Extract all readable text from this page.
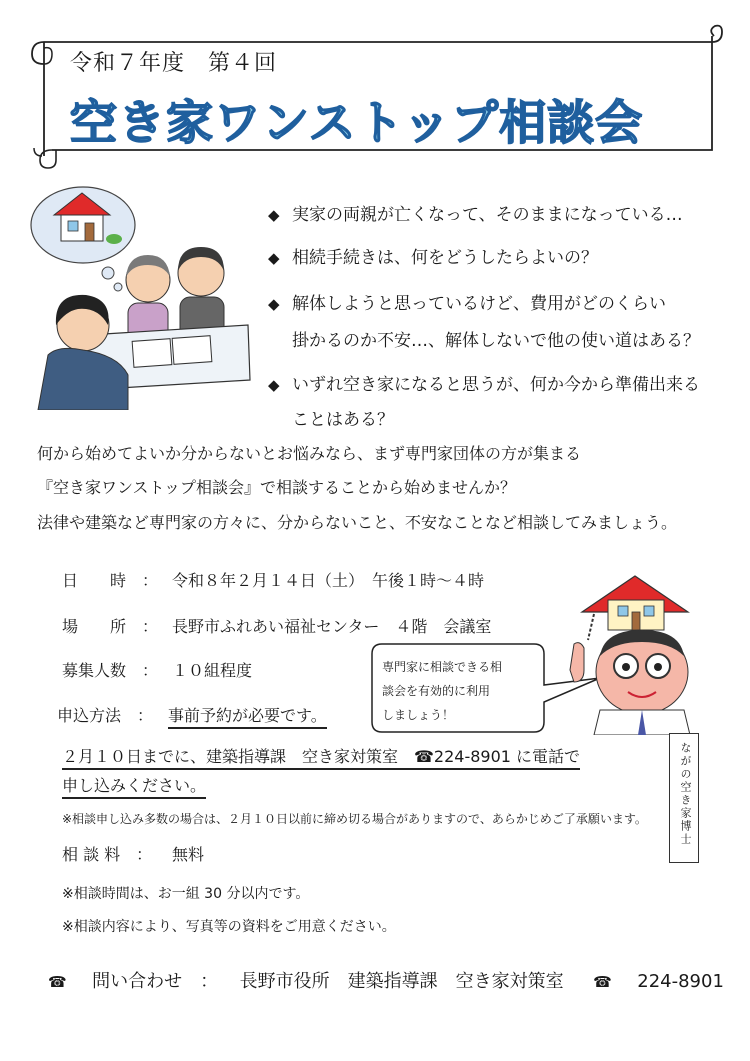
令和７年度　第４回
空き家ワンストップ相談会
◆ 実家の両親が亡くなって、そのままになっている…
◆ 相続手続きは、何をどうしたらよいの？
◆ 解体しようと思っているけど、費用がどのくらい
掛かるのか不安…、解体しないで他の使い道はある？
◆ いずれ空き家になると思うが、何か今から準備出来る
ことはある？
何から始めてよいか分からないとお悩みなら、まず専門家団体の方が集まる
『空き家ワンストップ相談会』で相談することから始めませんか？
法律や建築など専門家の方々に、分からないこと、不安なことなど相談してみましょう。
日　　時　： 令和８年２月１４日（土）　午後１時～４時
場　　所　： 長野市ふれあい福祉センター　４階　会議室
募集人数　： １０組程度
申込方法　： 事前予約が必要です。
２月１０日までに、建築指導課　空き家対策室　☎224-8901 に電話で
申し込みください。
※相談申し込み多数の場合は、２月１０日以前に締め切る場合がありますので、あらかじめご了承願います。
相 談 料　： 無料
※相談時間は、お一組 30 分以内です。
※相談内容により、写真等の資料をご用意ください。
専門家に相談できる相
談会を有効的に利用
しましょう！
ながの空き家博士
☎ 問い合わせ　： 長野市役所　建築指導課　空き家対策室 ☎ 224-8901
